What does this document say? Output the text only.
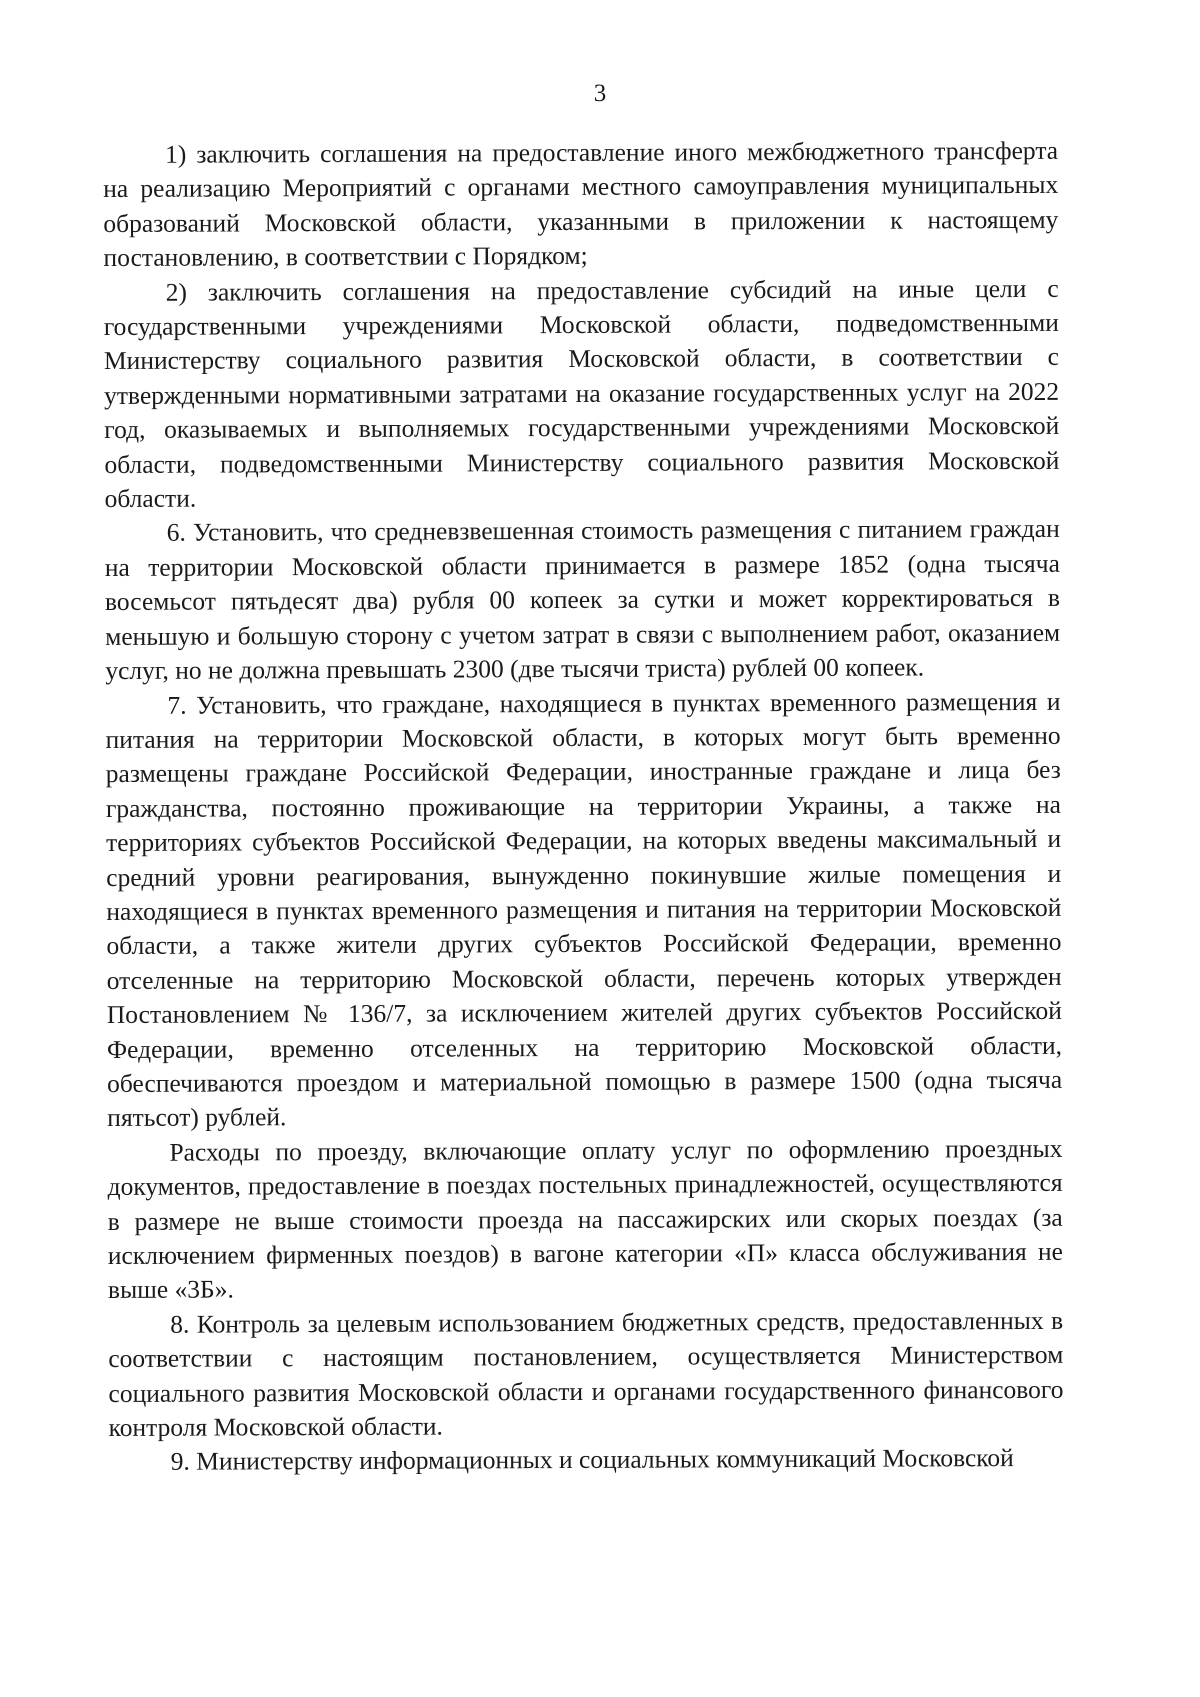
3

1) заключить соглашения на предоставление иного межбюджетного трансферта на реализацию Мероприятий с органами местного самоуправления муниципальных образований Московской области, указанными в приложении к настоящему постановлению, в соответствии с Порядком;

2) заключить соглашения на предоставление субсидий на иные цели с государственными учреждениями Московской области, подведомственными Министерству социального развития Московской области, в соответствии с утвержденными нормативными затратами на оказание государственных услуг на 2022 год, оказываемых и выполняемых государственными учреждениями Московской области, подведомственными Министерству социального развития Московской области.

6. Установить, что средневзвешенная стоимость размещения с питанием граждан на территории Московской области принимается в размере 1852 (одна тысяча восемьсот пятьдесят два) рубля 00 копеек за сутки и может корректироваться в меньшую и большую сторону с учетом затрат в связи с выполнением работ, оказанием услуг, но не должна превышать 2300 (две тысячи триста) рублей 00 копеек.

7. Установить, что граждане, находящиеся в пунктах временного размещения и питания на территории Московской области, в которых могут быть временно размещены граждане Российской Федерации, иностранные граждане и лица без гражданства, постоянно проживающие на территории Украины, а также на территориях субъектов Российской Федерации, на которых введены максимальный и средний уровни реагирования, вынужденно покинувшие жилые помещения и находящиеся в пунктах временного размещения и питания на территории Московской области, а также жители других субъектов Российской Федерации, временно отселенные на территорию Московской области, перечень которых утвержден Постановлением № 136/7, за исключением жителей других субъектов Российской Федерации, временно отселенных на территорию Московской области, обеспечиваются проездом и материальной помощью в размере 1500 (одна тысяча пятьсот) рублей.

Расходы по проезду, включающие оплату услуг по оформлению проездных документов, предоставление в поездах постельных принадлежностей, осуществляются в размере не выше стоимости проезда на пассажирских или скорых поездах (за исключением фирменных поездов) в вагоне категории «П» класса обслуживания не выше «3Б».

8. Контроль за целевым использованием бюджетных средств, предоставленных в соответствии с настоящим постановлением, осуществляется Министерством социального развития Московской области и органами государственного финансового контроля Московской области.

9. Министерству информационных и социальных коммуникаций Московской
